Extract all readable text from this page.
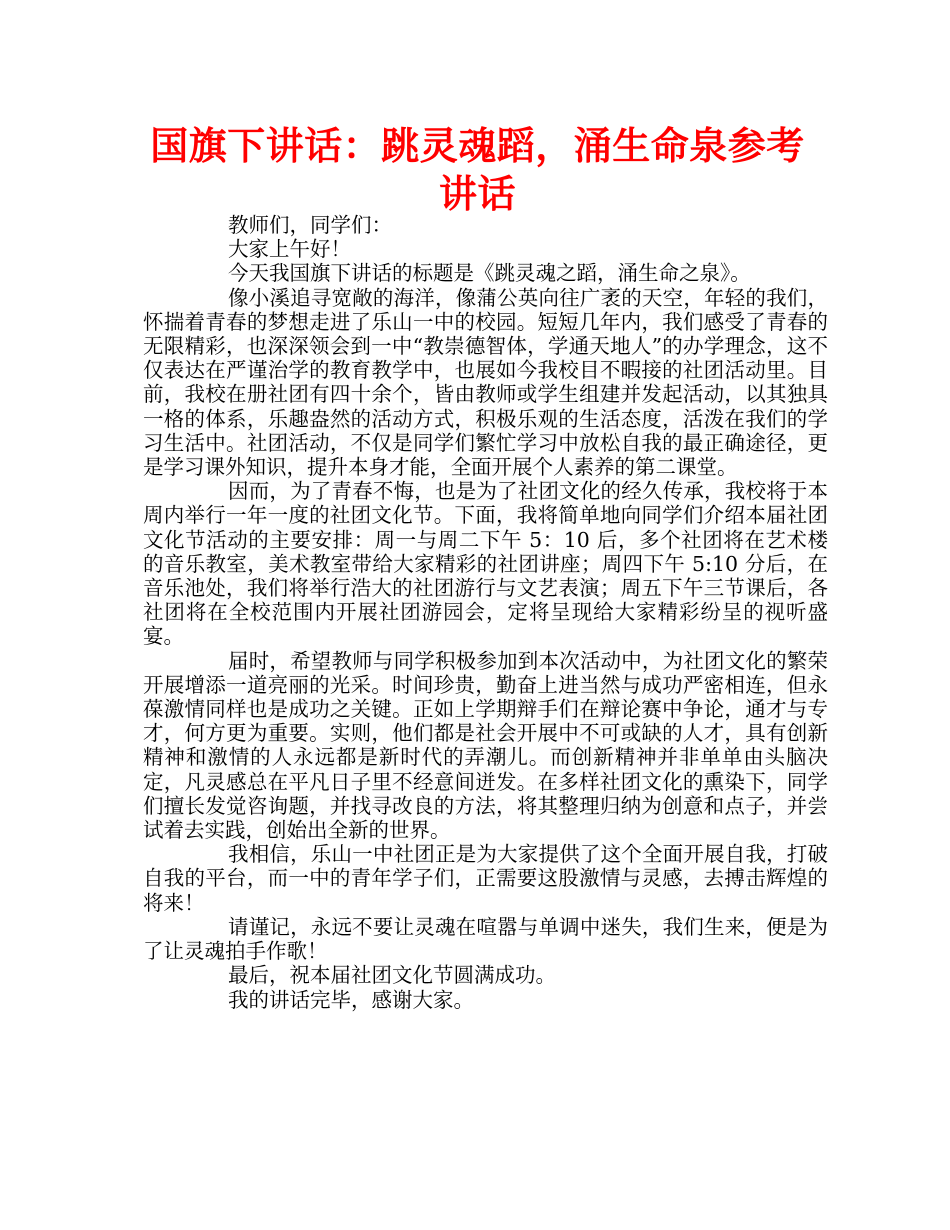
国旗下讲话：跳灵魂蹈，涌生命泉参考讲话

教师们，同学们：

大家上午好！

今天我国旗下讲话的标题是《跳灵魂之蹈，涌生命之泉》。

像小溪追寻宽敞的海洋，像蒲公英向往广袤的天空，年轻的我们，怀揣着青春的梦想走进了乐山一中的校园。短短几年内，我们感受了青春的无限精彩，也深深领会到一中“教崇德智体，学通天地人”的办学理念，这不仅表达在严谨治学的教育教学中，也展如今我校目不暇接的社团活动里。目前，我校在册社团有四十余个，皆由教师或学生组建并发起活动，以其独具一格的体系，乐趣盎然的活动方式，积极乐观的生活态度，活泼在我们的学习生活中。社团活动，不仅是同学们繁忙学习中放松自我的最正确途径，更是学习课外知识，提升本身才能，全面开展个人素养的第二课堂。

因而，为了青春不悔，也是为了社团文化的经久传承，我校将于本周内举行一年一度的社团文化节。下面，我将简单地向同学们介绍本届社团文化节活动的主要安排：周一与周二下午 5：10 后，多个社团将在艺术楼的音乐教室，美术教室带给大家精彩的社团讲座；周四下午 5:10 分后，在音乐池处，我们将举行浩大的社团游行与文艺表演；周五下午三节课后，各社团将在全校范围内开展社团游园会，定将呈现给大家精彩纷呈的视听盛宴。

届时，希望教师与同学积极参加到本次活动中，为社团文化的繁荣开展增添一道亮丽的光采。时间珍贵，勤奋上进当然与成功严密相连，但永葆激情同样也是成功之关键。正如上学期辩手们在辩论赛中争论，通才与专才，何方更为重要。实则，他们都是社会开展中不可或缺的人才，具有创新精神和激情的人永远都是新时代的弄潮儿。而创新精神并非单单由头脑决定，凡灵感总在平凡日子里不经意间迸发。在多样社团文化的熏染下，同学们擅长发觉咨询题，并找寻改良的方法，将其整理归纳为创意和点子，并尝试着去实践，创始出全新的世界。

我相信，乐山一中社团正是为大家提供了这个全面开展自我，打破自我的平台，而一中的青年学子们，正需要这股激情与灵感，去搏击辉煌的将来！

请谨记，永远不要让灵魂在喧嚣与单调中迷失，我们生来，便是为了让灵魂拍手作歌！

最后，祝本届社团文化节圆满成功。

我的讲话完毕，感谢大家。
